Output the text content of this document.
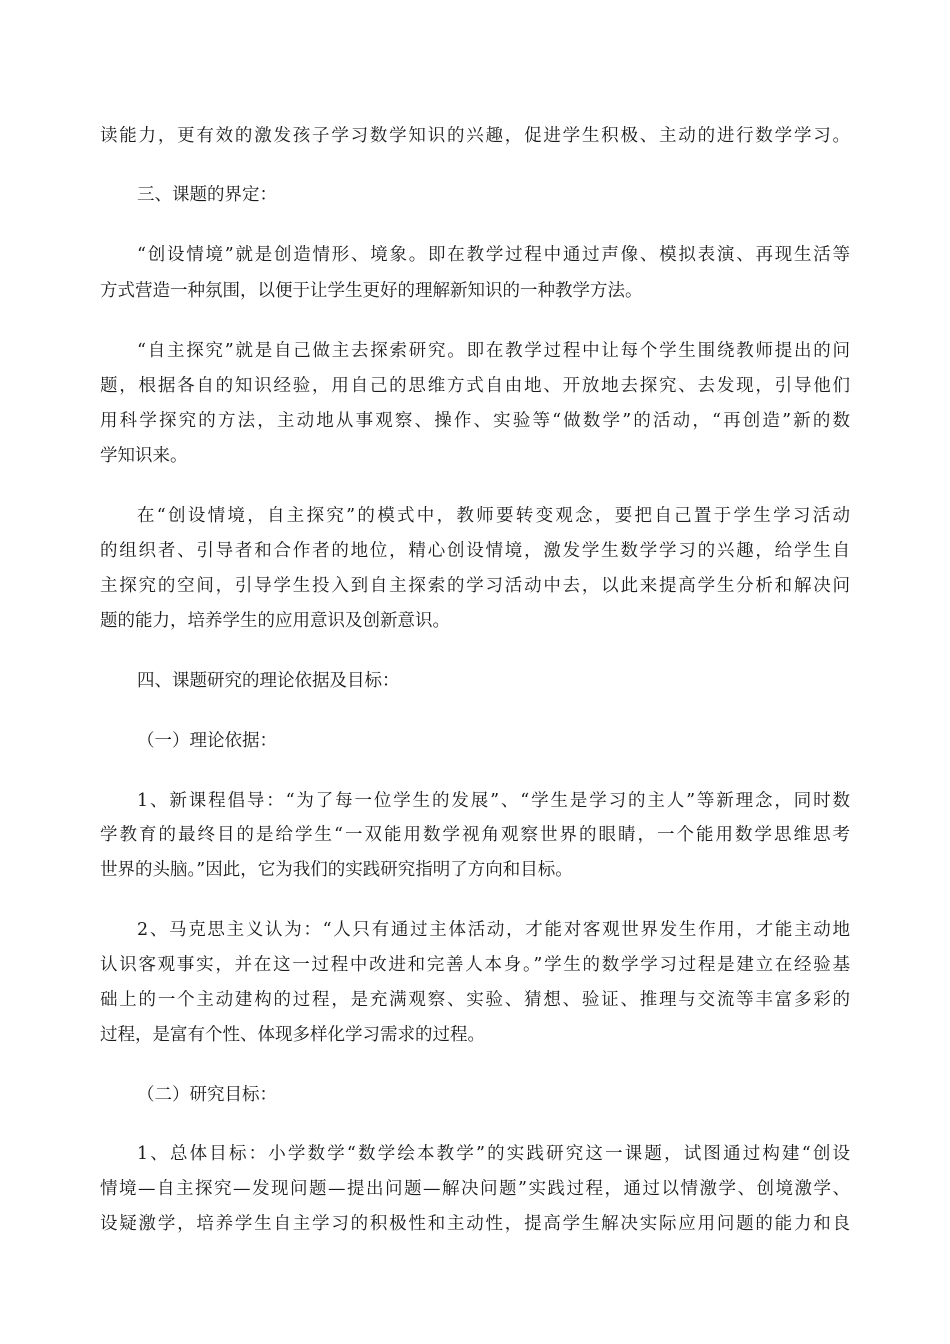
读能力，更有效的激发孩子学习数学知识的兴趣，促进学生积极、主动的进行数学学习。

三、课题的界定：

“创设情境”就是创造情形、境象。即在教学过程中通过声像、模拟表演、再现生活等

方式营造一种氛围，以便于让学生更好的理解新知识的一种教学方法。

“自主探究”就是自己做主去探索研究。即在教学过程中让每个学生围绕教师提出的问

题，根据各自的知识经验，用自己的思维方式自由地、开放地去探究、去发现，引导他们

用科学探究的方法，主动地从事观察、操作、实验等“做数学”的活动，“再创造”新的数

学知识来。

在“创设情境，自主探究”的模式中，教师要转变观念，要把自己置于学生学习活动

的组织者、引导者和合作者的地位，精心创设情境，激发学生数学学习的兴趣，给学生自

主探究的空间，引导学生投入到自主探索的学习活动中去，以此来提高学生分析和解决问

题的能力，培养学生的应用意识及创新意识。

四、课题研究的理论依据及目标：

（一）理论依据：

1、新课程倡导：“为了每一位学生的发展”、“学生是学习的主人”等新理念，同时数

学教育的最终目的是给学生“一双能用数学视角观察世界的眼睛，一个能用数学思维思考

世界的头脑。”因此，它为我们的实践研究指明了方向和目标。

2、马克思主义认为：“人只有通过主体活动，才能对客观世界发生作用，才能主动地

认识客观事实，并在这一过程中改进和完善人本身。”学生的数学学习过程是建立在经验基

础上的一个主动建构的过程，是充满观察、实验、猜想、验证、推理与交流等丰富多彩的

过程，是富有个性、体现多样化学习需求的过程。

（二）研究目标：

1、总体目标：小学数学“数学绘本教学”的实践研究这一课题，试图通过构建“创设

情境—自主探究—发现问题—提出问题—解决问题”实践过程，通过以情激学、创境激学、

设疑激学，培养学生自主学习的积极性和主动性，提高学生解决实际应用问题的能力和良
